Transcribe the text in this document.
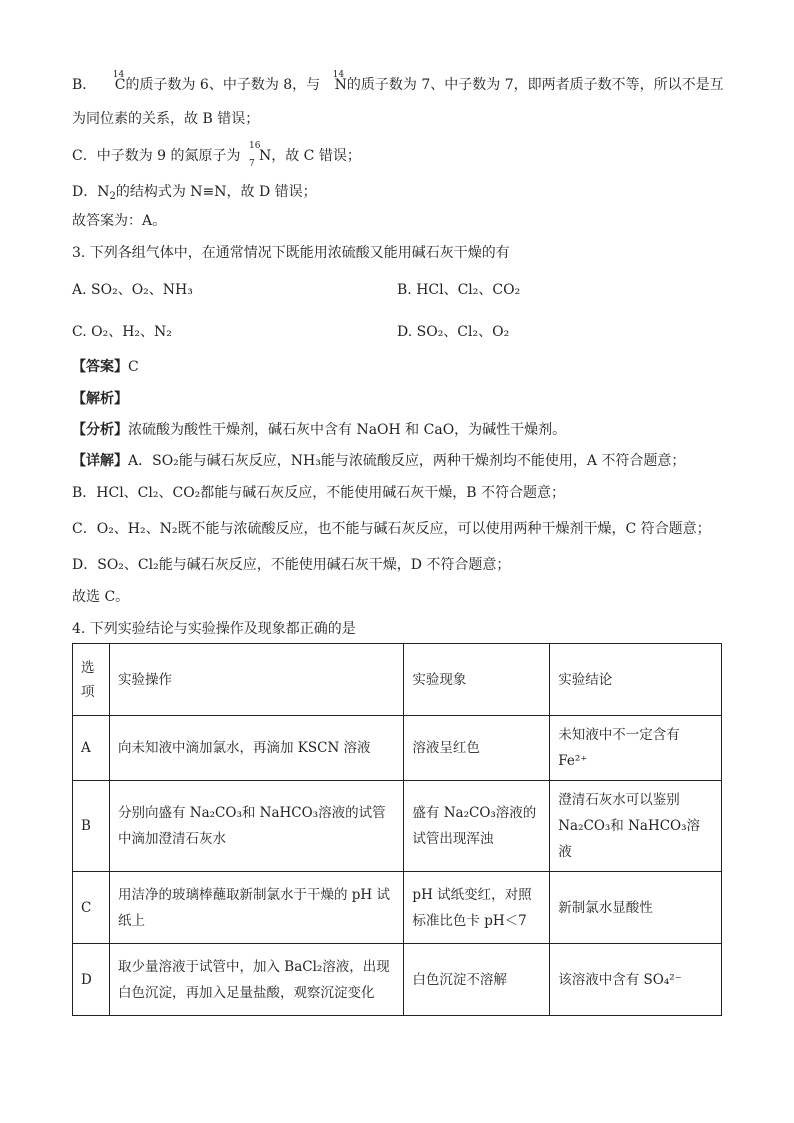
B．
14
C的质子数为 6、中子数为 8，与
14
N的质子数为 7、中子数为 7，即两者质子数不等，所以不是互
为同位素的关系，故 B 错误；
C．中子数为 9 的氮原子为
16
7 N，故 C 错误；
D．$N_2$的结构式为 N≡N，故 D 错误；
故答案为：A。
3. 下列各组气体中，在通常情况下既能用浓硫酸又能用碱石灰干燥的有
A. SO₂、O₂、NH₃	B. HCl、Cl₂、CO₂
C. O₂、H₂、N₂	D. SO₂、Cl₂、O₂
【答案】C
【解析】
【分析】浓硫酸为酸性干燥剂，碱石灰中含有 NaOH 和 CaO，为碱性干燥剂。
【详解】A．SO₂能与碱石灰反应，NH₃能与浓硫酸反应，两种干燥剂均不能使用，A 不符合题意；
B．HCl、Cl₂、CO₂都能与碱石灰反应，不能使用碱石灰干燥，B 不符合题意；
C．O₂、H₂、N₂既不能与浓硫酸反应，也不能与碱石灰反应，可以使用两种干燥剂干燥，C 符合题意；
D．SO₂、Cl₂能与碱石灰反应，不能使用碱石灰干燥，D 不符合题意；
故选 C。
4. 下列实验结论与实验操作及现象都正确的是
选项	实验操作	实验现象	实验结论
A	向未知液中滴加氯水，再滴加 KSCN 溶液	溶液呈红色	未知液中不一定含有 Fe²⁺
B	分别向盛有 Na₂CO₃和 NaHCO₃溶液的试管中滴加澄清石灰水	盛有 Na₂CO₃溶液的试管出现浑浊	澄清石灰水可以鉴别 Na₂CO₃和 NaHCO₃溶液
C	用洁净的玻璃棒蘸取新制氯水于干燥的 pH 试纸上	pH 试纸变红，对照标准比色卡 pH＜7	新制氯水显酸性
D	取少量溶液于试管中，加入 BaCl₂溶液，出现白色沉淀，再加入足量盐酸，观察沉淀变化	白色沉淀不溶解	该溶液中含有 SO₄²⁻
